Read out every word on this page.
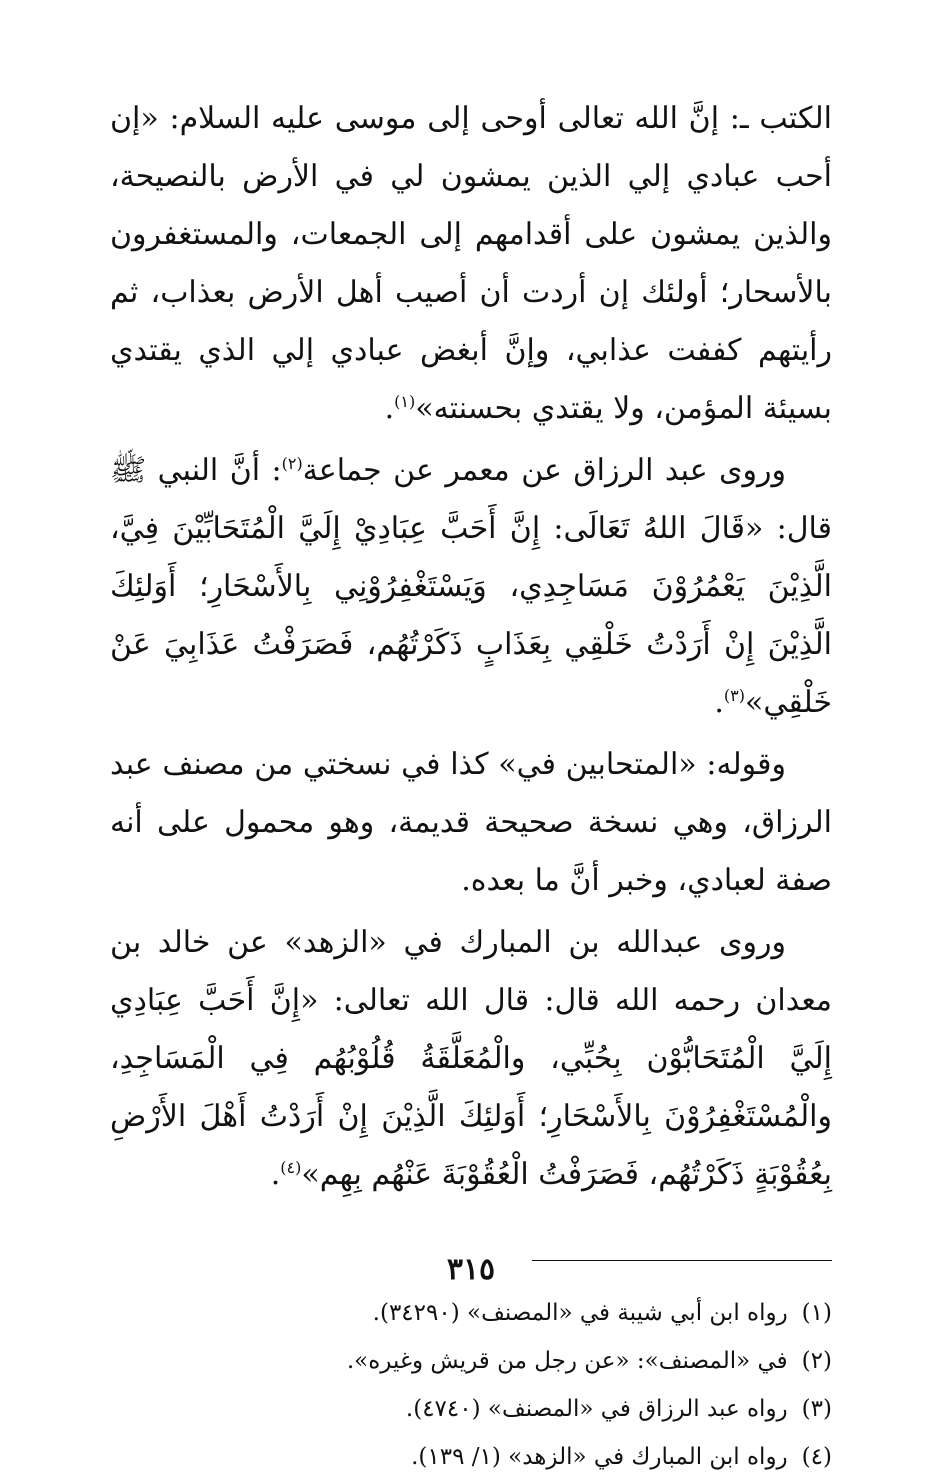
الكتب ـ: إنَّ الله تعالى أوحى إلى موسى عليه السلام: «إن أحب عبادي إلي الذين يمشون لي في الأرض بالنصيحة، والذين يمشون على أقدامهم إلى الجمعات، والمستغفرون بالأسحار؛ أولئك إن أردت أن أصيب أهل الأرض بعذاب، ثم رأيتهم كففت عذابي، وإنَّ أبغض عبادي إلي الذي يقتدي بسيئة المؤمن، ولا يقتدي بحسنته»$^{(١)}$.

وروى عبد الرزاق عن معمر عن جماعة$^{(٢)}$: أنَّ النبي ﷺ قال: «قَالَ اللهُ تَعَالَى: إِنَّ أَحَبَّ عِبَادِيْ إِلَيَّ الْمُتَحَابِّيْنَ فِيَّ، الَّذِيْنَ يَعْمُرُوْنَ مَسَاجِدِي، وَيَسْتَغْفِرُوْنِي بِالأَسْحَارِ؛ أَوَلئِكَ الَّذِيْنَ إِنْ أَرَدْتُ خَلْقِي بِعَذَابٍ ذَكَرْتُهُم، فَصَرَفْتُ عَذَابِيَ عَنْ خَلْقِي»$^{(٣)}$.

وقوله: «المتحابين في» كذا في نسختي من مصنف عبد الرزاق، وهي نسخة صحيحة قديمة، وهو محمول على أنه صفة لعبادي، وخبر أنَّ ما بعده.

وروى عبدالله بن المبارك في «الزهد» عن خالد بن معدان رحمه الله قال: قال الله تعالى: «إِنَّ أَحَبَّ عِبَادِي إِلَيَّ الْمُتَحَابُّوْن بِحُبِّي، والْمُعَلَّقَةُ قُلُوْبُهُم فِي الْمَسَاجِدِ، والْمُسْتَغْفِرُوْنَ بِالأَسْحَارِ؛ أَوَلئِكَ الَّذِيْنَ إِنْ أَرَدْتُ أَهْلَ الأَرْضِ بِعُقُوْبَةٍ ذَكَرْتُهُم، فَصَرَفْتُ الْعُقُوْبَةَ عَنْهُم بِهِم»$^{(٤)}$.

(١)
رواه ابن أبي شيبة في «المصنف» (٣٤٢٩٠).
(٢)
في «المصنف»: «عن رجل من قريش وغيره».
(٣)
رواه عبد الرزاق في «المصنف» (٤٧٤٠).
(٤)
رواه ابن المبارك في «الزهد» (١/ ١٣٩).
٣١٥
